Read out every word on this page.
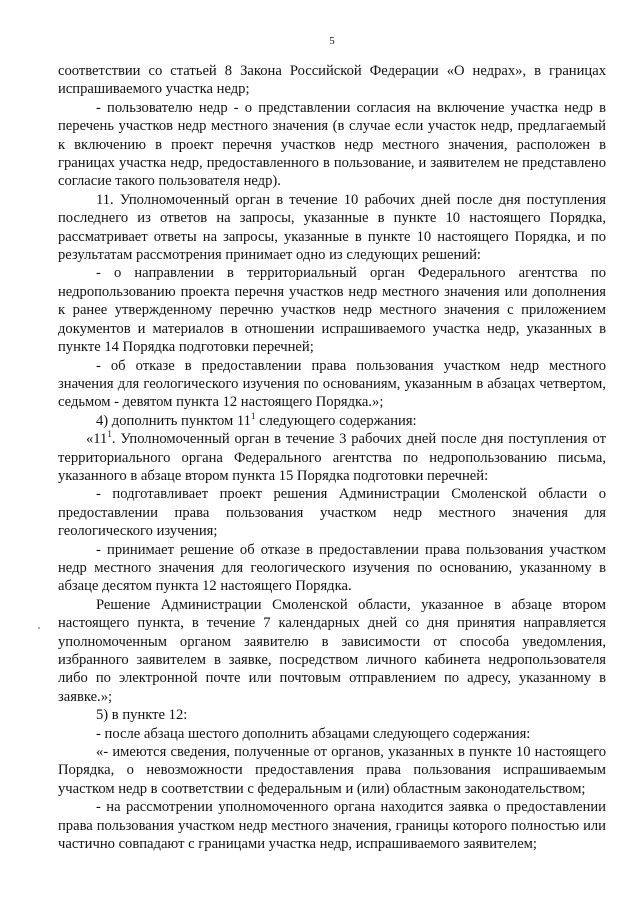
5

соответствии со статьей 8 Закона Российской Федерации «О недрах», в границах испрашиваемого участка недр;

- пользователю недр - о представлении согласия на включение участка недр в перечень участков недр местного значения (в случае если участок недр, предлагаемый к включению в проект перечня участков недр местного значения, расположен в границах участка недр, предоставленного в пользование, и заявителем не представлено согласие такого пользователя недр).

11. Уполномоченный орган в течение 10 рабочих дней после дня поступления последнего из ответов на запросы, указанные в пункте 10 настоящего Порядка, рассматривает ответы на запросы, указанные в пункте 10 настоящего Порядка, и по результатам рассмотрения принимает одно из следующих решений:

- о направлении в территориальный орган Федерального агентства по недропользованию проекта перечня участков недр местного значения или дополнения к ранее утвержденному перечню участков недр местного значения с приложением документов и материалов в отношении испрашиваемого участка недр, указанных в пункте 14 Порядка подготовки перечней;

- об отказе в предоставлении права пользования участком недр местного значения для геологического изучения по основаниям, указанным в абзацах четвертом, седьмом - девятом пункта 12 настоящего Порядка.»;

4) дополнить пунктом $11^1$ следующего содержания:

«$11^1$. Уполномоченный орган в течение 3 рабочих дней после дня поступления от территориального органа Федерального агентства по недропользованию письма, указанного в абзаце втором пункта 15 Порядка подготовки перечней:

- подготавливает проект решения Администрации Смоленской области о предоставлении права пользования участком недр местного значения для геологического изучения;

- принимает решение об отказе в предоставлении права пользования участком недр местного значения для геологического изучения по основанию, указанному в абзаце десятом пункта 12 настоящего Порядка.

Решение Администрации Смоленской области, указанное в абзаце втором настоящего пункта, в течение 7 календарных дней со дня принятия направляется уполномоченным органом заявителю в зависимости от способа уведомления, избранного заявителем в заявке, посредством личного кабинета недропользователя либо по электронной почте или почтовым отправлением по адресу, указанному в заявке.»;

5) в пункте 12:

- после абзаца шестого дополнить абзацами следующего содержания:

«- имеются сведения, полученные от органов, указанных в пункте 10 настоящего Порядка, о невозможности предоставления права пользования испрашиваемым участком недр в соответствии с федеральным и (или) областным законодательством;

- на рассмотрении уполномоченного органа находится заявка о предоставлении права пользования участком недр местного значения, границы которого полностью или частично совпадают с границами участка недр, испрашиваемого заявителем;
